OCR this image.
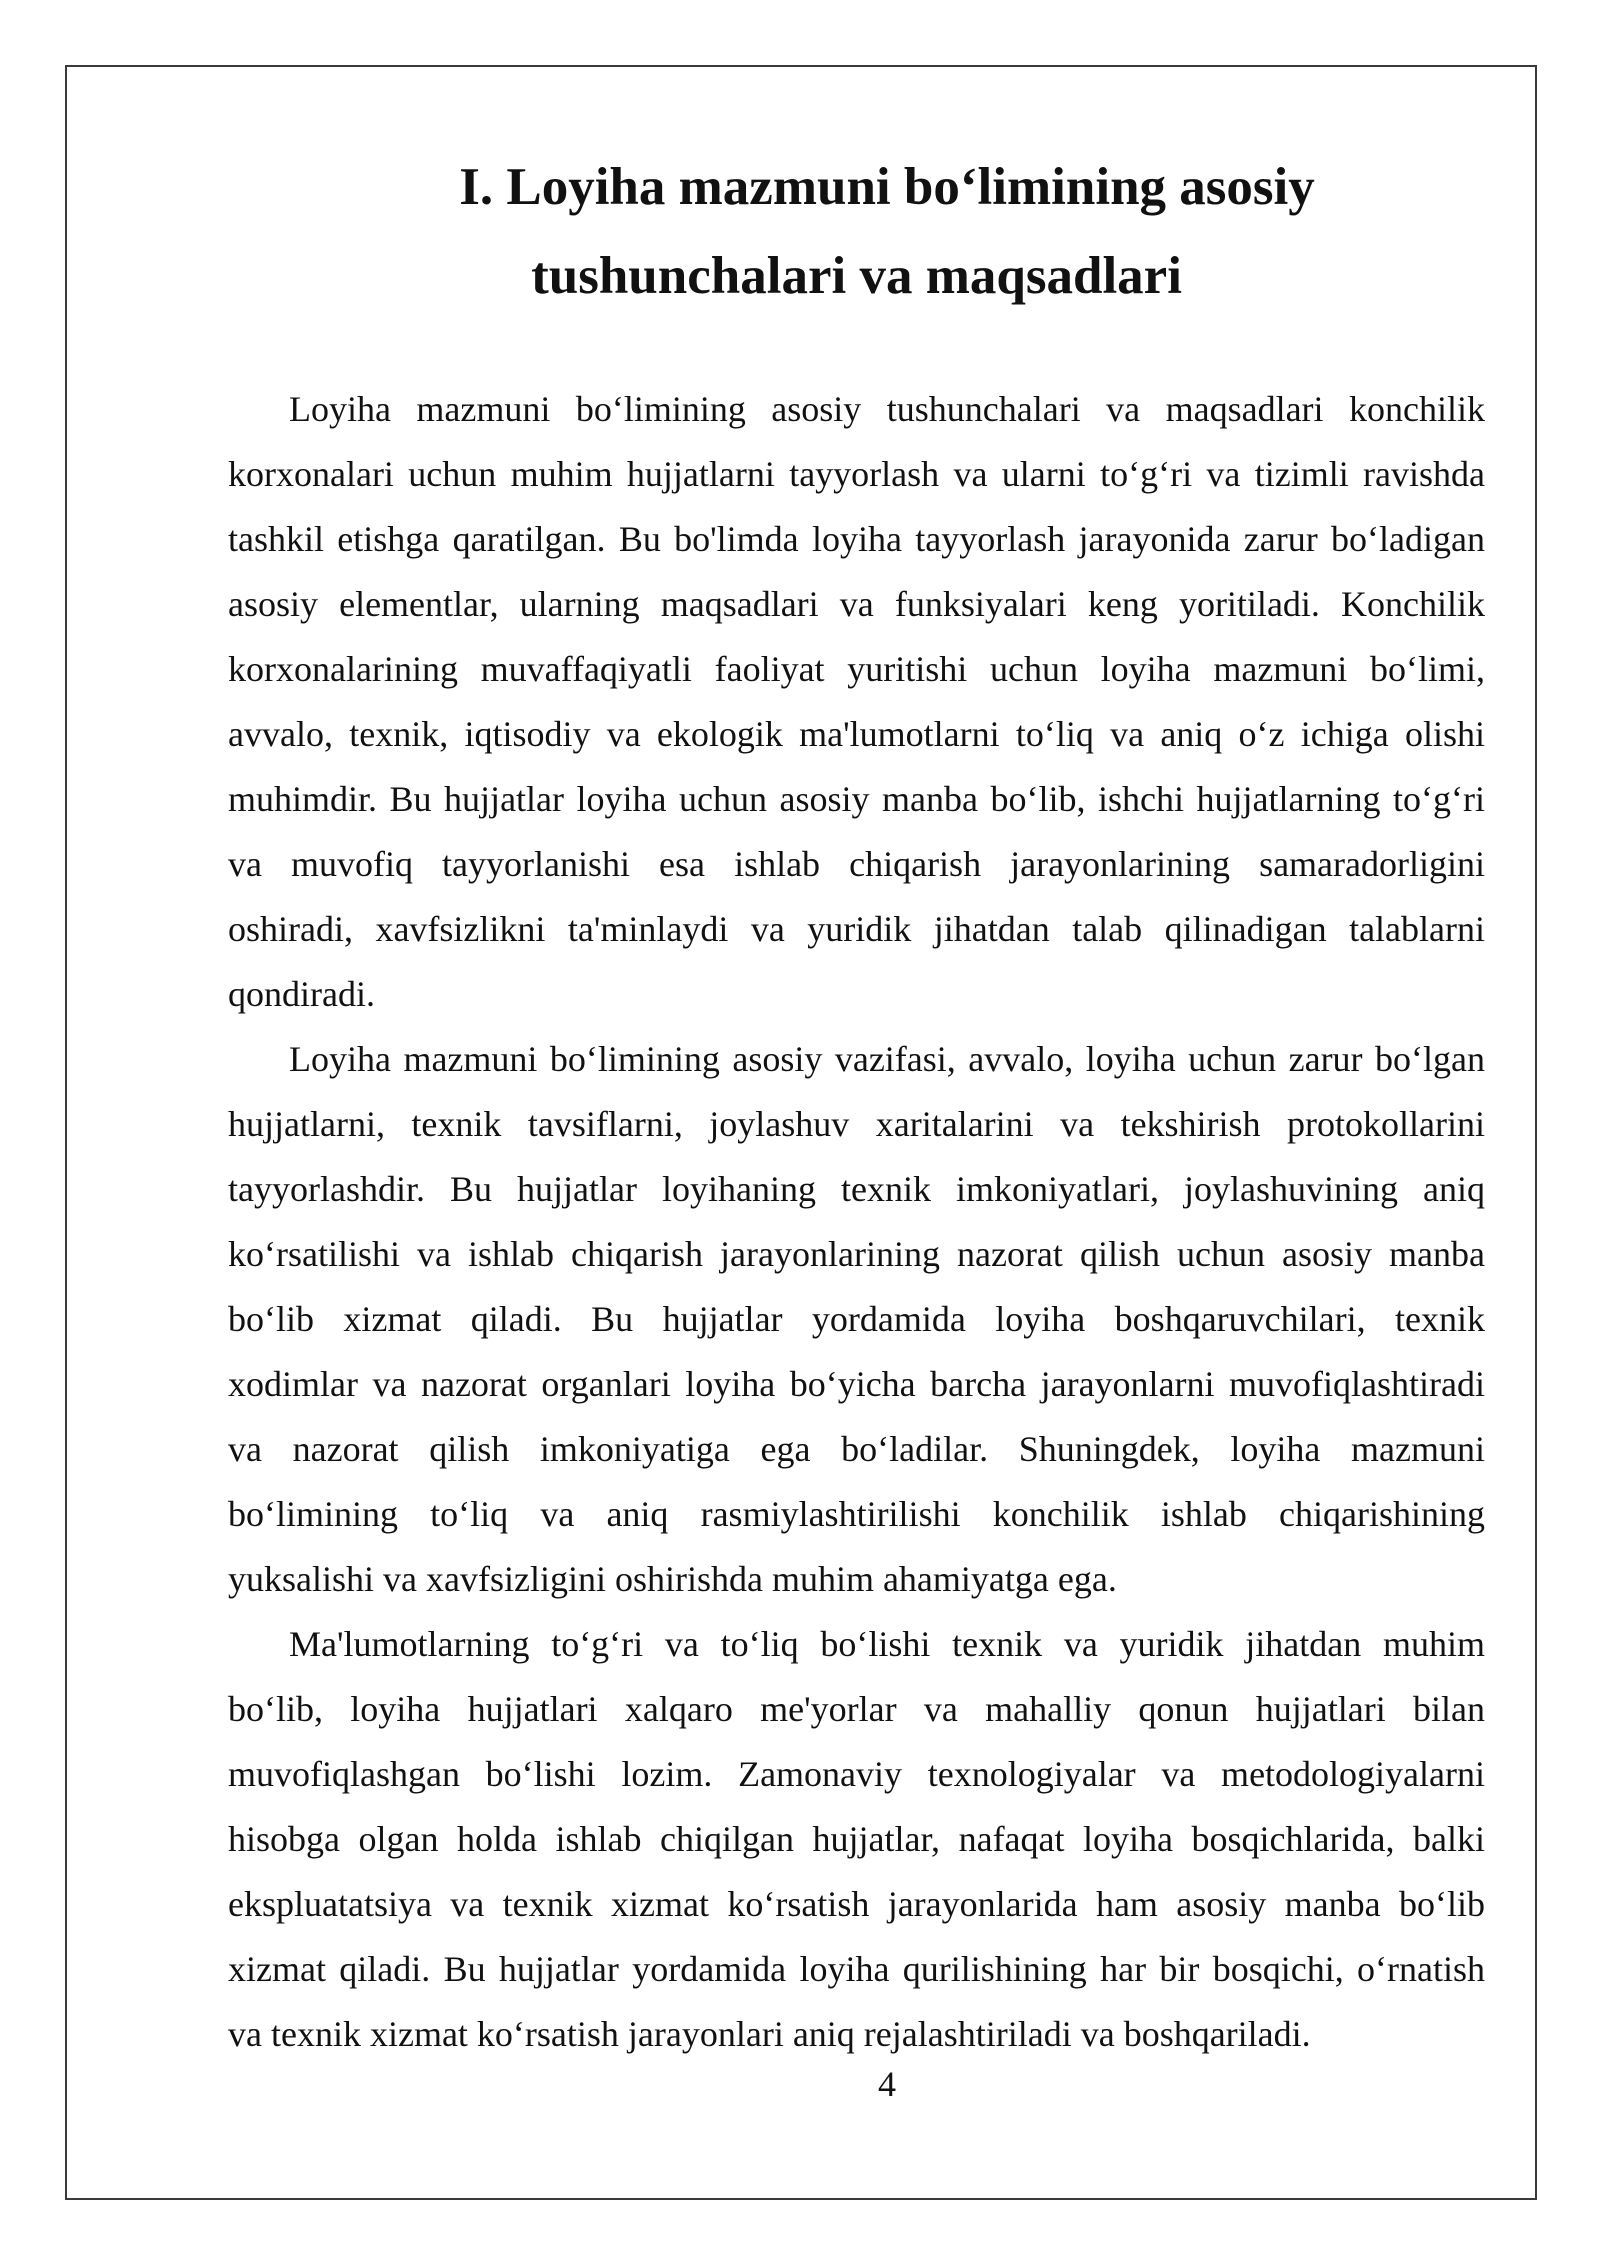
I. Loyiha mazmuni bo‘limining asosiy
tushunchalari va maqsadlari
Loyiha mazmuni bo‘limining asosiy tushunchalari va maqsadlari konchilik
korxonalari uchun muhim hujjatlarni tayyorlash va ularni to‘g‘ri va tizimli ravishda
tashkil etishga qaratilgan. Bu bo'limda loyiha tayyorlash jarayonida zarur bo‘ladigan
asosiy elementlar, ularning maqsadlari va funksiyalari keng yoritiladi. Konchilik
korxonalarining muvaffaqiyatli faoliyat yuritishi uchun loyiha mazmuni bo‘limi,
avvalo, texnik, iqtisodiy va ekologik ma'lumotlarni to‘liq va aniq o‘z ichiga olishi
muhimdir. Bu hujjatlar loyiha uchun asosiy manba bo‘lib, ishchi hujjatlarning to‘g‘ri
va muvofiq tayyorlanishi esa ishlab chiqarish jarayonlarining samaradorligini
oshiradi, xavfsizlikni ta'minlaydi va yuridik jihatdan talab qilinadigan talablarni
qondiradi.
Loyiha mazmuni bo‘limining asosiy vazifasi, avvalo, loyiha uchun zarur bo‘lgan
hujjatlarni, texnik tavsiflarni, joylashuv xaritalarini va tekshirish protokollarini
tayyorlashdir. Bu hujjatlar loyihaning texnik imkoniyatlari, joylashuvining aniq
ko‘rsatilishi va ishlab chiqarish jarayonlarining nazorat qilish uchun asosiy manba
bo‘lib xizmat qiladi. Bu hujjatlar yordamida loyiha boshqaruvchilari, texnik
xodimlar va nazorat organlari loyiha bo‘yicha barcha jarayonlarni muvofiqlashtiradi
va nazorat qilish imkoniyatiga ega bo‘ladilar. Shuningdek, loyiha mazmuni
bo‘limining to‘liq va aniq rasmiylashtirilishi konchilik ishlab chiqarishining
yuksalishi va xavfsizligini oshirishda muhim ahamiyatga ega.
Ma'lumotlarning to‘g‘ri va to‘liq bo‘lishi texnik va yuridik jihatdan muhim
bo‘lib, loyiha hujjatlari xalqaro me'yorlar va mahalliy qonun hujjatlari bilan
muvofiqlashgan bo‘lishi lozim. Zamonaviy texnologiyalar va metodologiyalarni
hisobga olgan holda ishlab chiqilgan hujjatlar, nafaqat loyiha bosqichlarida, balki
ekspluatatsiya va texnik xizmat ko‘rsatish jarayonlarida ham asosiy manba bo‘lib
xizmat qiladi. Bu hujjatlar yordamida loyiha qurilishining har bir bosqichi, o‘rnatish
va texnik xizmat ko‘rsatish jarayonlari aniq rejalashtiriladi va boshqariladi.
4
